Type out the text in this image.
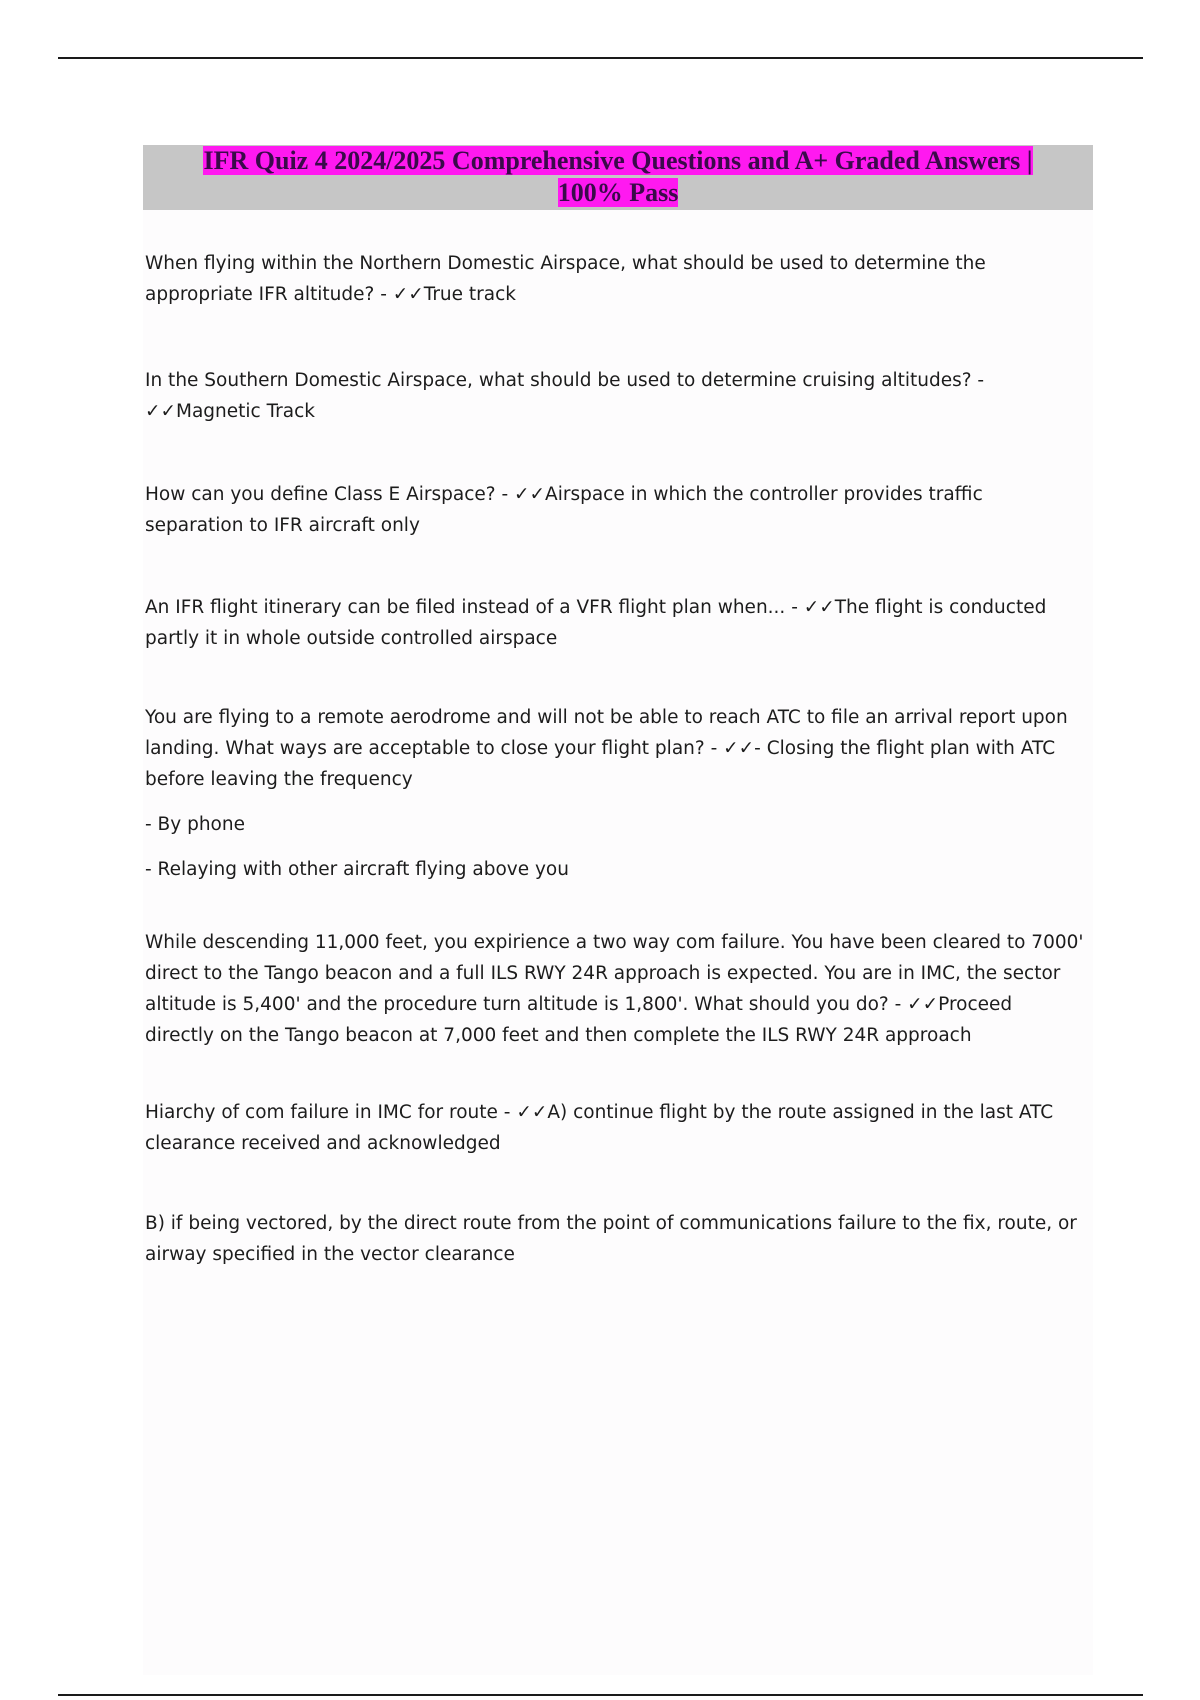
IFR Quiz 4 2024/2025 Comprehensive Questions and A+ Graded Answers |
100% Pass

When flying within the Northern Domestic Airspace, what should be used to determine the appropriate IFR altitude? - ✓✓True track

In the Southern Domestic Airspace, what should be used to determine cruising altitudes? - ✓✓Magnetic Track

How can you define Class E Airspace? - ✓✓Airspace in which the controller provides traffic separation to IFR aircraft only

An IFR flight itinerary can be filed instead of a VFR flight plan when... - ✓✓The flight is conducted partly it in whole outside controlled airspace

You are flying to a remote aerodrome and will not be able to reach ATC to file an arrival report upon landing. What ways are acceptable to close your flight plan? - ✓✓- Closing the flight plan with ATC before leaving the frequency

- By phone

- Relaying with other aircraft flying above you

While descending 11,000 feet, you expirience a two way com failure. You have been cleared to 7000' direct to the Tango beacon and a full ILS RWY 24R approach is expected. You are in IMC, the sector altitude is 5,400' and the procedure turn altitude is 1,800'. What should you do? - ✓✓Proceed directly on the Tango beacon at 7,000 feet and then complete the ILS RWY 24R approach

Hiarchy of com failure in IMC for route - ✓✓A) continue flight by the route assigned in the last ATC clearance received and acknowledged

B) if being vectored, by the direct route from the point of communications failure to the fix, route, or airway specified in the vector clearance
